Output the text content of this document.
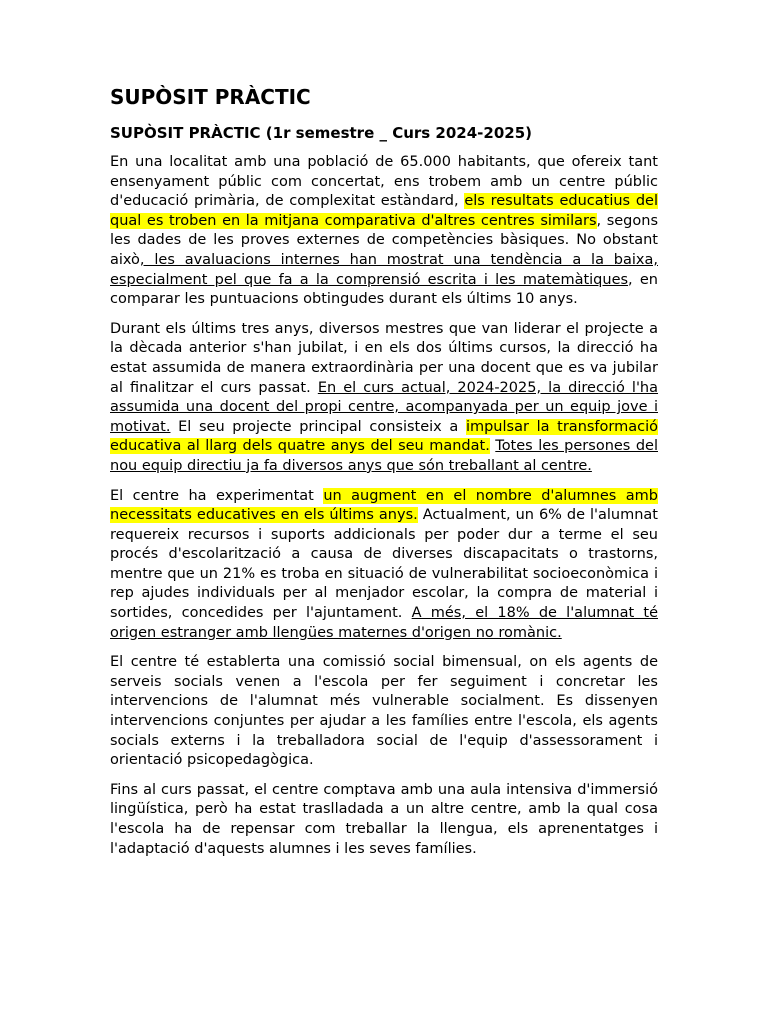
SUPÒSIT PRÀCTIC
SUPÒSIT PRÀCTIC (1r semestre _ Curs 2024-2025)

En una localitat amb una població de 65.000 habitants, que ofereix tant ensenyament públic com concertat, ens trobem amb un centre públic d'educació primària, de complexitat estàndard, els resultats educatius del qual es troben en la mitjana comparativa d'altres centres similars, segons les dades de les proves externes de competències bàsiques. No obstant això, les avaluacions internes han mostrat una tendència a la baixa, especialment pel que fa a la comprensió escrita i les matemàtiques, en comparar les puntuacions obtingudes durant els últims 10 anys.

Durant els últims tres anys, diversos mestres que van liderar el projecte a la dècada anterior s'han jubilat, i en els dos últims cursos, la direcció ha estat assumida de manera extraordinària per una docent que es va jubilar al finalitzar el curs passat. En el curs actual, 2024-2025, la direcció l'ha assumida una docent del propi centre, acompanyada per un equip jove i motivat. El seu projecte principal consisteix a impulsar la transformació educativa al llarg dels quatre anys del seu mandat. Totes les persones del nou equip directiu ja fa diversos anys que són treballant al centre.

El centre ha experimentat un augment en el nombre d'alumnes amb necessitats educatives en els últims anys. Actualment, un 6% de l'alumnat requereix recursos i suports addicionals per poder dur a terme el seu procés d'escolarització a causa de diverses discapacitats o trastorns, mentre que un 21% es troba en situació de vulnerabilitat socioeconòmica i rep ajudes individuals per al menjador escolar, la compra de material i sortides, concedides per l'ajuntament. A més, el 18% de l'alumnat té origen estranger amb llengües maternes d'origen no romànic.

El centre té establerta una comissió social bimensual, on els agents de serveis socials venen a l'escola per fer seguiment i concretar les intervencions de l'alumnat més vulnerable socialment. Es dissenyen intervencions conjuntes per ajudar a les famílies entre l'escola, els agents socials externs i la treballadora social de l'equip d'assessorament i orientació psicopedagògica.

Fins al curs passat, el centre comptava amb una aula intensiva d'immersió lingüística, però ha estat traslladada a un altre centre, amb la qual cosa l'escola ha de repensar com treballar la llengua, els aprenentatges i l'adaptació d'aquests alumnes i les seves famílies.
